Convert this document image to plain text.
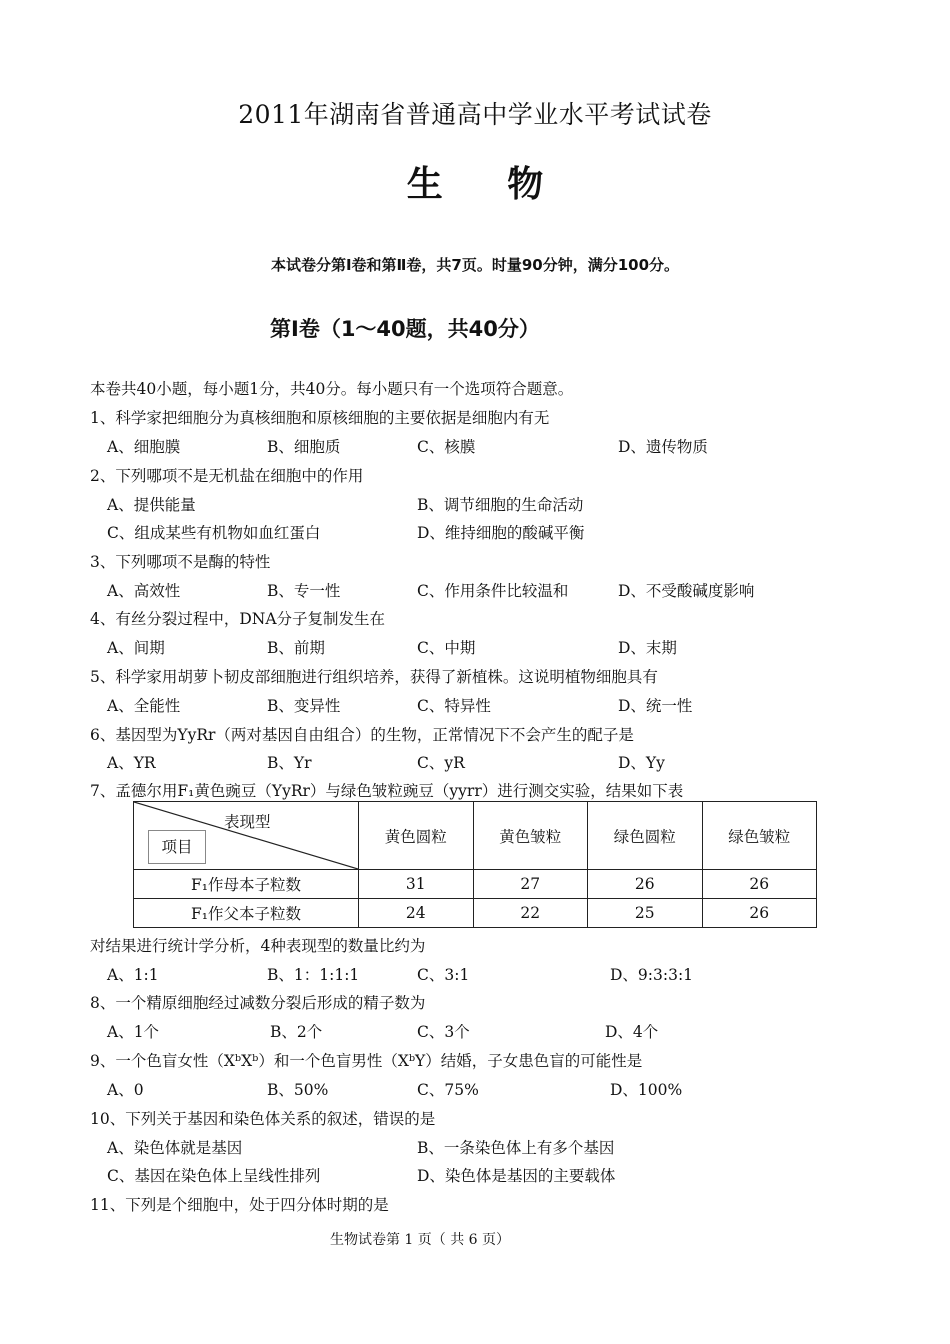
2011年湖南省普通高中学业水平考试试卷
生 物
本试卷分第Ⅰ卷和第Ⅱ卷，共7页。时量90分钟，满分100分。
第Ⅰ卷（1～40题，共40分）
本卷共40小题，每小题1分，共40分。每小题只有一个选项符合题意。
1、科学家把细胞分为真核细胞和原核细胞的主要依据是细胞内有无
A、细胞膜	B、细胞质	C、核膜	D、遗传物质
2、下列哪项不是无机盐在细胞中的作用
A、提供能量	B、调节细胞的生命活动
C、组成某些有机物如血红蛋白	D、维持细胞的酸碱平衡
3、下列哪项不是酶的特性
A、高效性	B、专一性	C、作用条件比较温和	D、不受酸碱度影响
4、有丝分裂过程中，DNA分子复制发生在
A、间期	B、前期	C、中期	D、末期
5、科学家用胡萝卜韧皮部细胞进行组织培养，获得了新植株。这说明植物细胞具有
A、全能性	B、变异性	C、特异性	D、统一性
6、基因型为YyRr（两对基因自由组合）的生物，正常情况下不会产生的配子是
A、YR	B、Yr	C、yR	D、Yy
7、孟德尔用F₁黄色豌豆（YyRr）与绿色皱粒豌豆（yyrr）进行测交实验，结果如下表
表现型
项目	黄色圆粒	黄色皱粒	绿色圆粒	绿色皱粒
F₁作母本子粒数	31	27	26	26
F₁作父本子粒数	24	22	25	26
对结果进行统计学分析，4种表现型的数量比约为
A、1:1	B、1：1:1:1	C、3:1	D、9:3:3:1
8、一个精原细胞经过减数分裂后形成的精子数为
A、1个	B、2个	C、3个	D、4个
9、一个色盲女性（XᵇXᵇ）和一个色盲男性（XᵇY）结婚，子女患色盲的可能性是
A、0	B、50%	C、75%	D、100%
10、下列关于基因和染色体关系的叙述，错误的是
A、染色体就是基因	B、一条染色体上有多个基因
C、基因在染色体上呈线性排列	D、染色体是基因的主要载体
11、下列是个细胞中，处于四分体时期的是
生物试卷第 1 页（ 共 6 页）
